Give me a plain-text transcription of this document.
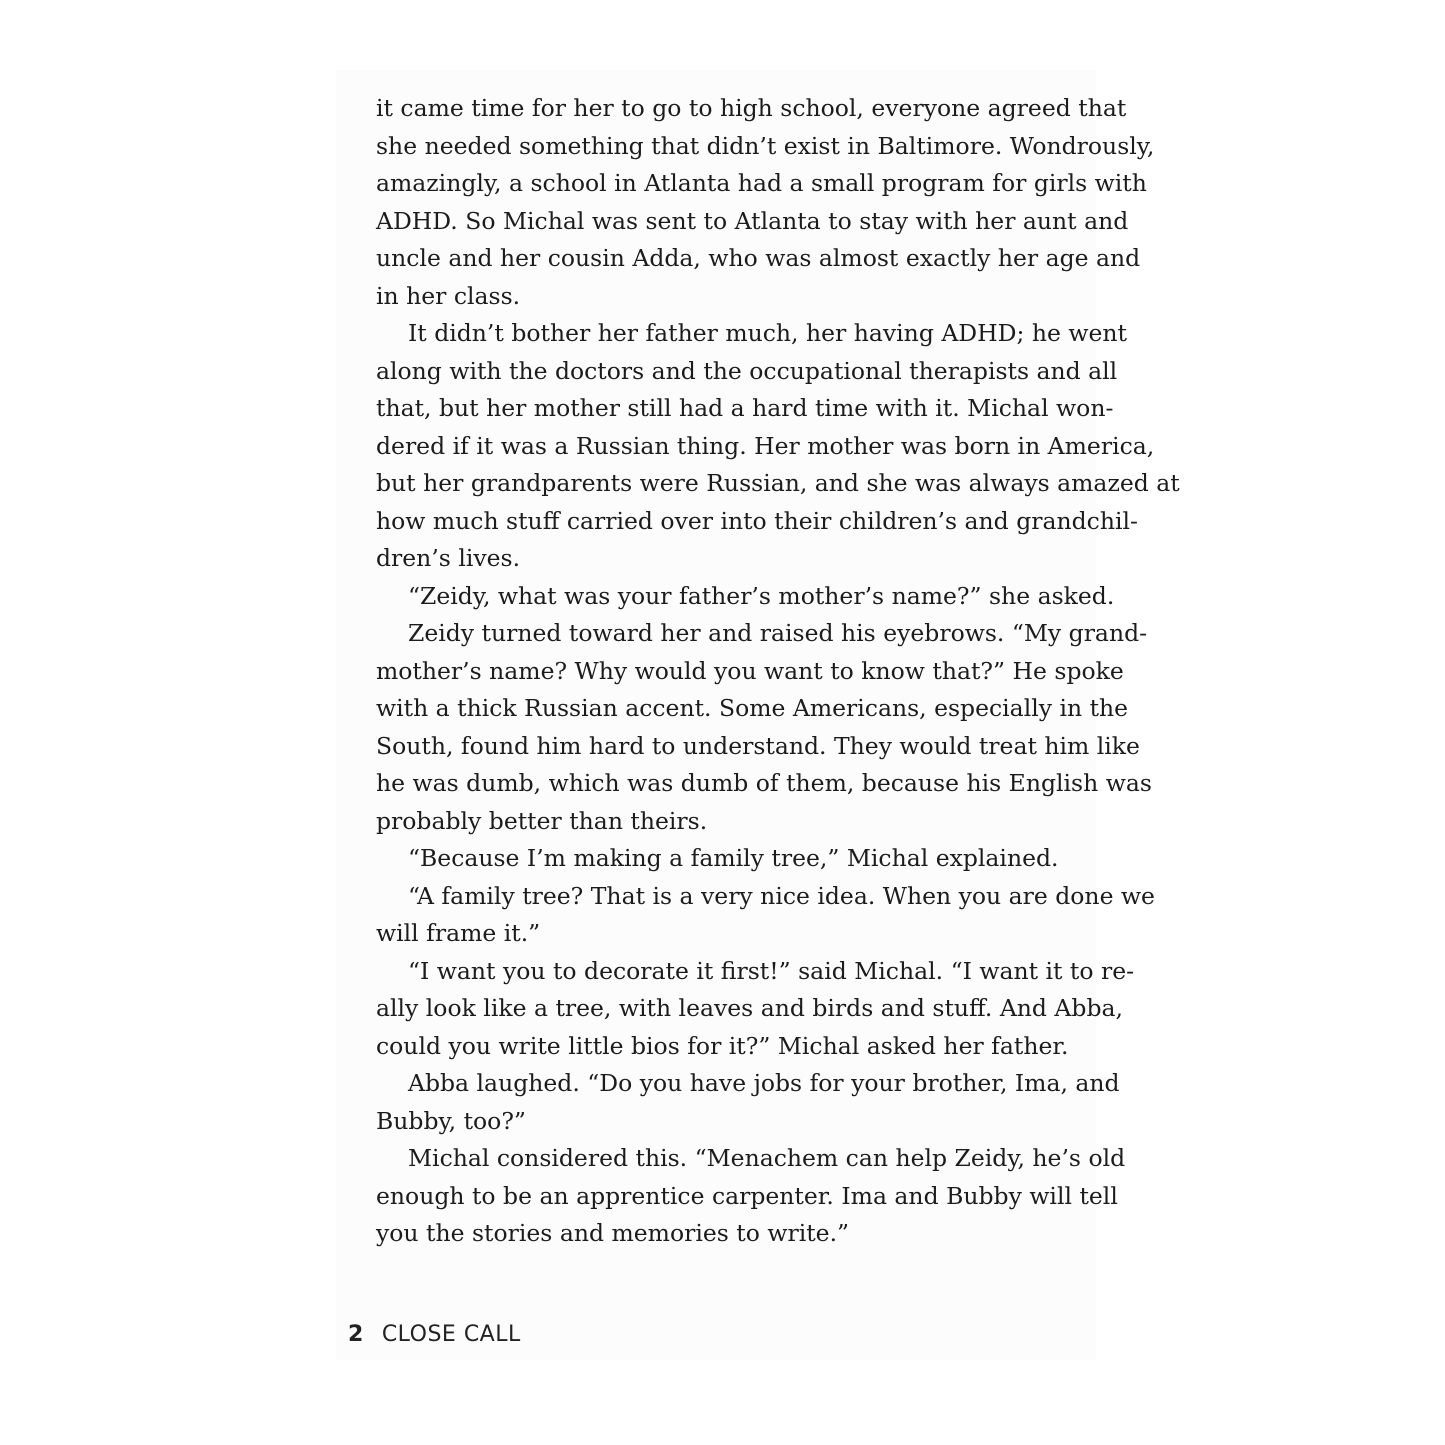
it came time for her to go to high school, everyone agreed that
she needed something that didn’t exist in Baltimore. Wondrously,
amazingly, a school in Atlanta had a small program for girls with
ADHD. So Michal was sent to Atlanta to stay with her aunt and
uncle and her cousin Adda, who was almost exactly her age and
in her class.
It didn’t bother her father much, her having ADHD; he went
along with the doctors and the occupational therapists and all
that, but her mother still had a hard time with it. Michal won-
dered if it was a Russian thing. Her mother was born in America,
but her grandparents were Russian, and she was always amazed at
how much stuff carried over into their children’s and grandchil-
dren’s lives.
“Zeidy, what was your father’s mother’s name?” she asked.
Zeidy turned toward her and raised his eyebrows. “My grand-
mother’s name? Why would you want to know that?” He spoke
with a thick Russian accent. Some Americans, especially in the
South, found him hard to understand. They would treat him like
he was dumb, which was dumb of them, because his English was
probably better than theirs.
“Because I’m making a family tree,” Michal explained.
“A family tree? That is a very nice idea. When you are done we
will frame it.”
“I want you to decorate it first!” said Michal. “I want it to re-
ally look like a tree, with leaves and birds and stuff. And Abba,
could you write little bios for it?” Michal asked her father.
Abba laughed. “Do you have jobs for your brother, Ima, and
Bubby, too?”
Michal considered this. “Menachem can help Zeidy, he’s old
enough to be an apprentice carpenter. Ima and Bubby will tell
you the stories and memories to write.”
2 CLOSE CALL
